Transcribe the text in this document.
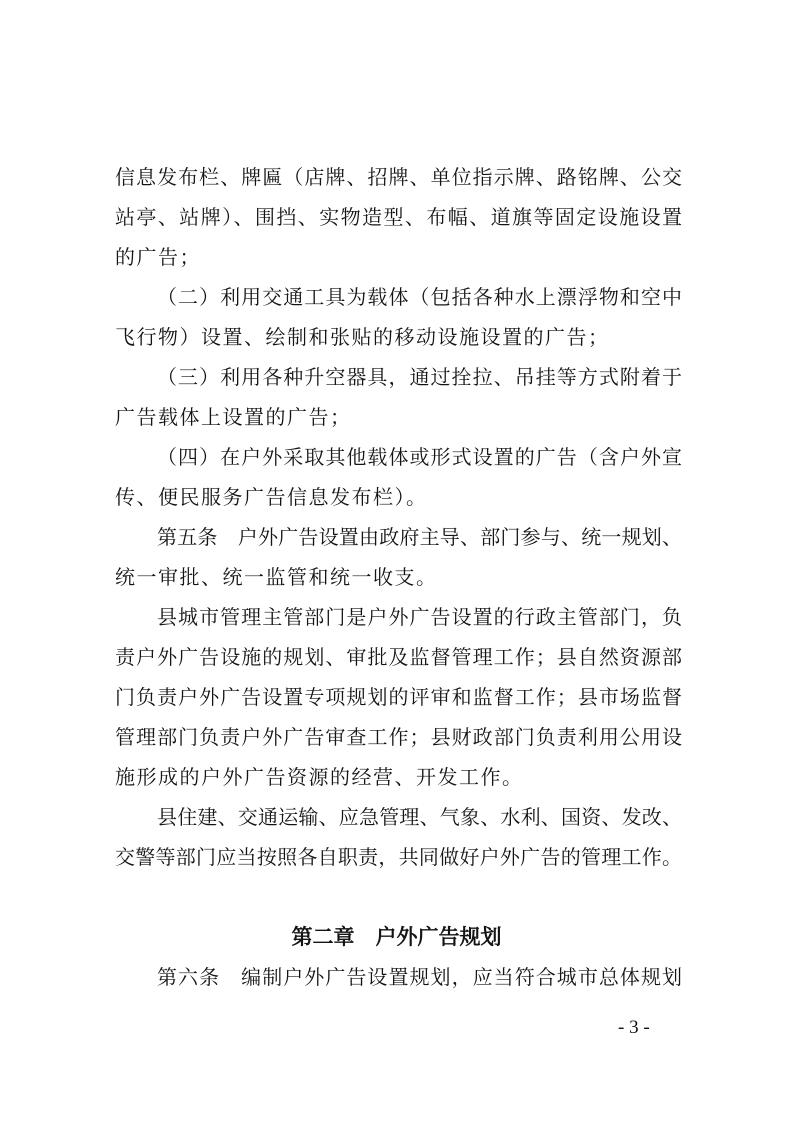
信息发布栏、牌匾（店牌、招牌、单位指示牌、路铭牌、公交
站亭、站牌）、围挡、实物造型、布幅、道旗等固定设施设置
的广告；
（二）利用交通工具为载体（包括各种水上漂浮物和空中
飞行物）设置、绘制和张贴的移动设施设置的广告；
（三）利用各种升空器具，通过拴拉、吊挂等方式附着于
广告载体上设置的广告；
（四）在户外采取其他载体或形式设置的广告（含户外宣
传、便民服务广告信息发布栏）。
第五条　户外广告设置由政府主导、部门参与、统一规划、
统一审批、统一监管和统一收支。
县城市管理主管部门是户外广告设置的行政主管部门，负
责户外广告设施的规划、审批及监督管理工作；县自然资源部
门负责户外广告设置专项规划的评审和监督工作；县市场监督
管理部门负责户外广告审查工作；县财政部门负责利用公用设
施形成的户外广告资源的经营、开发工作。
县住建、交通运输、应急管理、气象、水利、国资、发改、
交警等部门应当按照各自职责，共同做好户外广告的管理工作。
第二章　户外广告规划
第六条　编制户外广告设置规划，应当符合城市总体规划
- 3 -
